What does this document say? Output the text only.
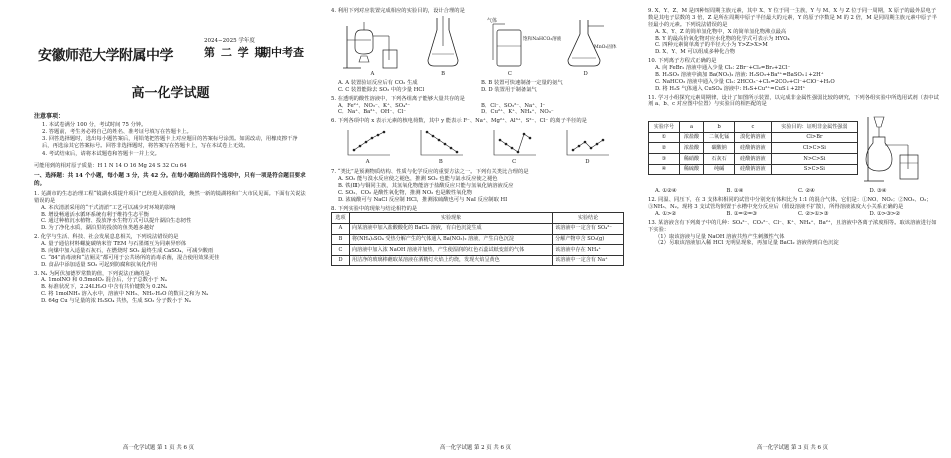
安徽师范大学附属中学
2024−2025 学年度
第 二 学 期
期中考查
高一化学试题
注意事项：

1. 本试卷满分 100 分，考试时间 75 分钟。

2. 答题前，考生务必将自己的姓名、准考证号填写在答题卡上。

3. 回答选择题时，选出每小题答案后，用铅笔把答题卡上对应题目的答案标号涂黑。如需改动，用橡皮擦干净后，再选涂其它答案标号。回答非选择题时，将答案写在答题卡上，写在本试卷上无效。

4. 考试结束后，请将本试题卷和答题卡一并上交。

可能用到的相对原子质量：H 1 N 14 O 16 Mg 24 S 32 Cu 64
一、选择题：共 14 个小题，每小题 3 分，共 42 分。在每小题给出的四个选项中，只有一项是符合题目要求的。
1. 芜湖市的生态治理工程“镜湖水质提升项目”已经进入验收阶段，焕然一新的镜湖将和广大市民见面。下面有关说法错误的是
A. 本次清淤采用的“干式清淤”工艺可以减少对环境的影响
B. 增设畅通活水循环系统有利于维持生态平衡
C. 通过种植沉水植物、投放净水生物方式可以提升湖泊生态韧性
D. 为了净化水质，湖泊里的投放的鱼类越多越好
2. 化学与生活、科技、社会发展息息相关，下列说法错误的是
A. 量子通信材料螺旋碳纳米管 TEM 与石墨烯互为同素异形体
B. 向煤中加入适量石灰石，在燃烧时 SO₂ 最终生成 CaSO₄，可减少酸雨
C. “84”消毒液和“洁厕灵”都可用于公共场所的消毒杀菌，混合使用效果更佳
D. 食品中添加适量 SO₂ 可起到防腐和抗氧化作用
3. Nₐ 为阿伏加德罗常数的值，下列说法正确的是
A. 1molNO 和 0.5molO₂ 混合后，分子总数小于 Nₐ
B. 标准状况下，2.24LH₂O 中含有共价键数为 0.2Nₐ
C. 将 1molNH₃ 溶入水中，溶液中 NH₃、NH₃·H₂O 的数目之和为 Nₐ
D. 64g Cu 与足量的浓 H₂SO₄ 共热，生成 SO₂ 分子数小于 Nₐ
高一化学试题 第 1 页 共 6 页
4. 利用下列对应装置完成相应的实验目的，设计合理的是
A	B
气体
饱和NaHCO₃溶液
C
MnO₂固体
D
A. A 装置验证反应后有 CO₂ 生成	B. B 装置可快速制备一定量的氨气
C. C 装置能除去 SO₂ 中的少量 HCl	D. D 装置用于制备氯气
5. 在透明的酸性溶液中，下列各组离子能够大量共存的是
A．Fe²⁺、NO₃⁻、K⁺、SO₄²⁻	B．Cl⁻、SO₃²⁻、Na⁺、I⁻
C．Na⁺、Ba²⁺、OH⁻、Cl⁻	D．Cu²⁺、K⁺、NH₄⁺、NO₃⁻
6. 下列各项中的 x 表示元素的核电荷数，其中 y 能表示 F⁻、Na⁺、Mg²⁺、Al³⁺、S²⁻、Cl⁻ 的离子半径的是
A	B	C	D
7. “类比”是预测物质结构、性质与化学反应的重要方法之一。下列有关类比合理的是
A. SO₂ 能与溴水反应使之褪色，推测 SO₂ 也能与氯水反应使之褪色
B. 铁(Ⅲ)与铜同主族，其氢氧化物能溶于盐酸反应只能与氢氧化钠溶液反应
C. SO₂、CO₂ 是酸性氧化物，推测 NO₂ 也是酸性氧化物
D. 浓硫酸可与 NaCl 反应制 HCl，推测浓硫酸也可与 NaI 反应制取 HI
8. 下列实验中的现象与结论相符的是
选项	实验现象	实验结论
A	向某溶液中加入盐酸酸化的 BaCl₂ 溶液，有白色沉淀生成	该溶液中一定含有 SO₄²⁻
B	将(NH₄)₂SO₄ 受热分解产生的气体通入 Ba(NO₃)₂ 溶液，产生白色沉淀	分解产物中含 SO₃(g)
C	向溶液中加入浓 NaOH 溶液并加热，产生使湿润的红色石蕊试纸变蓝的气体	该溶液中存在 NH₄⁺
D	用洁净的玻璃棒蘸取某溶液在酒精灯火焰上灼烧，发现火焰呈黄色	该溶液中一定含有 Na⁺
高一化学试题 第 2 页 共 6 页
9. X、Y、Z、M 是四种短周期主族元素，其中 X、Y 位于同一主族，Y 与 M、X 与 Z 位于同一周期，X 原子的最外层电子数是其电子层数的 3 倍，Z 是所在周期中原子半径最大的元素，Y 的原子序数是 M 的 2 倍，M 是同周期主族元素中原子半径最小的元素。下列说法错误的是
A. X、Y、Z 的简单氢化物中，X 的简单氢化物沸点最高
B. Y 的最高价氧化物对应水化物的化学式可表示为 HYO₄
C. 四种元素简单离子的半径大小为 Y>Z>X>M
D. X、Y、M 可以组成多种化合物
10. 下列离子方程式正确的是
A. 向 FeBr₂ 溶液中通入少量 Cl₂: 2Br⁻+Cl₂=Br₂+2Cl⁻
B. H₂SO₃ 溶液中滴加 Ba(NO₃)₂ 溶液: H₂SO₃+Ba²⁺=BaSO₃↓+2H⁺
C. NaHCO₃ 溶液中通入少量 Cl₂: 2HCO₃⁻+Cl₂=2CO₂+Cl⁻+ClO⁻+H₂O
D. 将 H₂S 气体通入 CuSO₄ 溶液中: H₂S+Cu²⁺=CuS↓+2H⁺
11. 学习小组探究元素周期律，设计了如图所示装置，以完成非金属性强弱比较的研究，下列各组实验中所选用试剂（表中试剂 a、b、c 对应图中位置）与实验目的相匹配的是
实验序号	a	b	c	实验目的：证明非金属性强弱
①	浓盐酸	二氧化锰	溴化钠溶液	Cl>Br
②	浓盐酸	碳酸钠	硅酸钠溶液	Cl>C>Si
③	稀硝酸	石灰石	硅酸钠溶液	N>C>Si
④	稀硫酸	纯碱	硅酸钠溶液	S>C>Si
A. ①②④	B. ①④	C. ②④	D. ③④
12. 同温、同压下，在 3 支体积相同的试管中分别充有体积比为 1:1 的混合气体，它们是：①NO、NO₂；②NO₂、O₂；③NH₃、N₂。现将 3 支试管均倒置于水槽中充分反应后（假设溶液不扩散），所得溶液浓度大小关系正确的是
A. ①>②	B. ①=②=③	C. ②>①>③	D. ①>③>②
13. 某溶液含有下列离子中的几种：SO₄²⁻、CO₃²⁻、Cl⁻、K⁺、NH₄⁺、Ba²⁺，且溶液中各离子浓度相等。取该溶液进行如下实验：
（1）取该溶液与足量 NaOH 溶液共热产生刺激性气体
（2）另取该溶液加入稀 HCl 无明显现象，再加足量 BaCl₂ 溶液得到白色沉淀
高一化学试题 第 3 页 共 6 页
